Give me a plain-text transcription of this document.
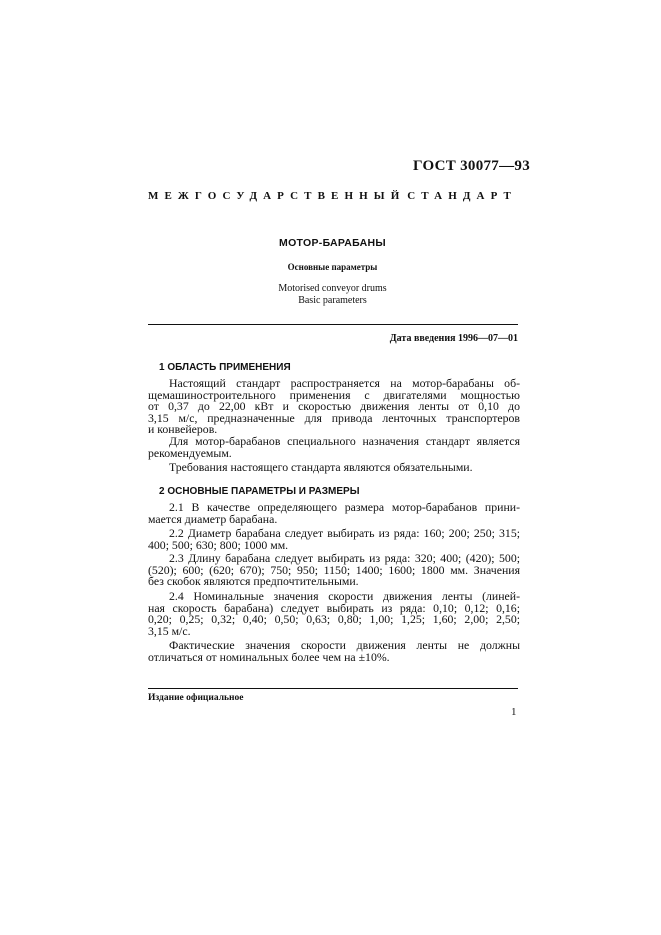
ГОСТ 30077—93
МЕЖГОСУДАРСТВЕННЫЙ СТАНДАРТ
МОТОР-БАРАБАНЫ
Основные параметры
Motorised conveyor drums
Basic parameters
Дата введения 1996—07—01
1 ОБЛАСТЬ ПРИМЕНЕНИЯ
Настоящий стандарт распространяется на мотор-барабаны об-
щемашиностроительного применения с двигателями мощностью
от 0,37 до 22,00 кВт и скоростью движения ленты от 0,10 до
3,15 м/с, предназначенные для привода ленточных транспортеров
и конвейеров.
Для мотор-барабанов специального назначения стандарт является
рекомендуемым.
Требования настоящего стандарта являются обязательными.
2 ОСНОВНЫЕ ПАРАМЕТРЫ И РАЗМЕРЫ
2.1 В качестве определяющего размера мотор-барабанов прини-
мается диаметр барабана.
2.2 Диаметр барабана следует выбирать из ряда: 160; 200; 250; 315;
400; 500; 630; 800; 1000 мм.
2.3 Длину барабана следует выбирать из ряда: 320; 400; (420); 500;
(520); 600; (620; 670); 750; 950; 1150; 1400; 1600; 1800 мм. Значения
без скобок являются предпочтительными.
2.4 Номинальные значения скорости движения ленты (линей-
ная скорость барабана) следует выбирать из ряда: 0,10; 0,12; 0,16;
0,20; 0,25; 0,32; 0,40; 0,50; 0,63; 0,80; 1,00; 1,25; 1,60; 2,00; 2,50;
3,15 м/с.
Фактические значения скорости движения ленты не должны
отличаться от номинальных более чем на ±10%.
Издание официальное
1
